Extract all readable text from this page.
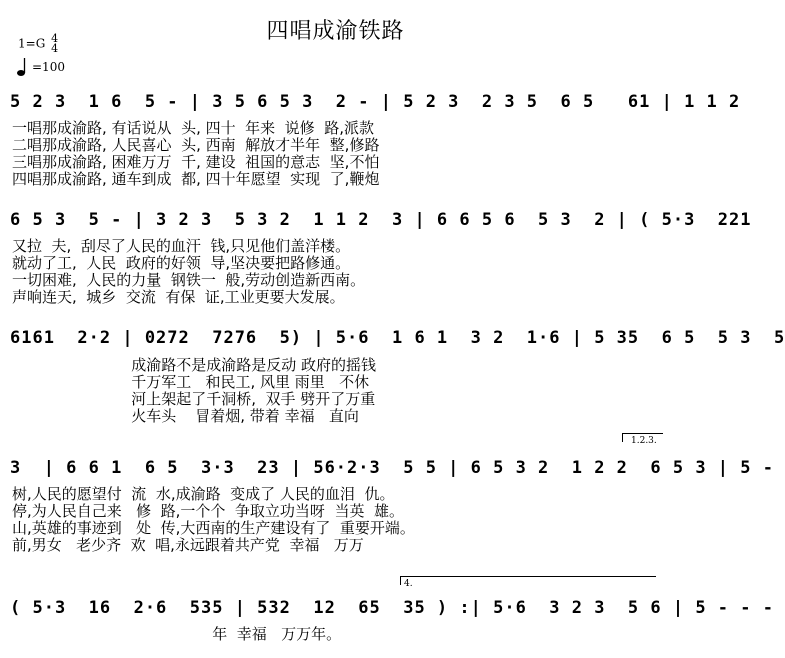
四唱成渝铁路
1=G 4
4
=100
5 2 3  1 6  5 - | 3 5 6 5 3  2 - | 5 2 3  2 3 5  6 5   61 | 1 1 2
一唱那成渝路, 有话说从  头, 四十  年来  说修  路,派款
二唱那成渝路, 人民喜心  头, 西南  解放才半年  整,修路
三唱那成渝路, 困难万万  千, 建设  祖国的意志  坚,不怕
四唱那成渝路, 通车到成  都, 四十年愿望  实现  了,鞭炮
6 5 3  5 - | 3 2 3  5 3 2  1 1 2  3 | 6 6 5 6  5 3  2 | ( 5·3  221
又拉  夫,  刮尽了人民的血汗  钱,只见他们盖洋楼。
就动了工,  人民  政府的好领  导,坚决要把路修通。
一切困难,  人民的力量  钢铁一  般,劳动创造新西南。
声响连天,  城乡  交流  有保  证,工业更要大发展。
6161  2·2 | 0272  7276  5) | 5·6  1 6 1  3 2  1·6 | 5 35  6 5  5 3  5
成渝路不是成渝路是反动 政府的摇钱
千万军工   和民工, 风里 雨里   不休
河上架起了千洞桥,  双手 劈开了万重
火车头    冒着烟, 带着 幸福   直向
1.2.3.
3  | 6 6 1  6 5  3·3  23 | 56·2·3  5 5 | 6 5 3 2  1 2 2  6 5 3 | 5 -
树,人民的愿望付  流  水,成渝路  变成了 人民的血泪  仇。
停,为人民自己来   修  路,一个个  争取立功当呀  当英  雄。
山,英雄的事迹到   处  传,大西南的生产建设有了  重要开端。
前,男女   老少齐  欢  唱,永远跟着共产党  幸福   万万
4.
( 5·3  16  2·6  535 | 532  12  65  35 ) :| 5·6  3 2 3  5 6 | 5 - - -
年  幸福   万万年。
